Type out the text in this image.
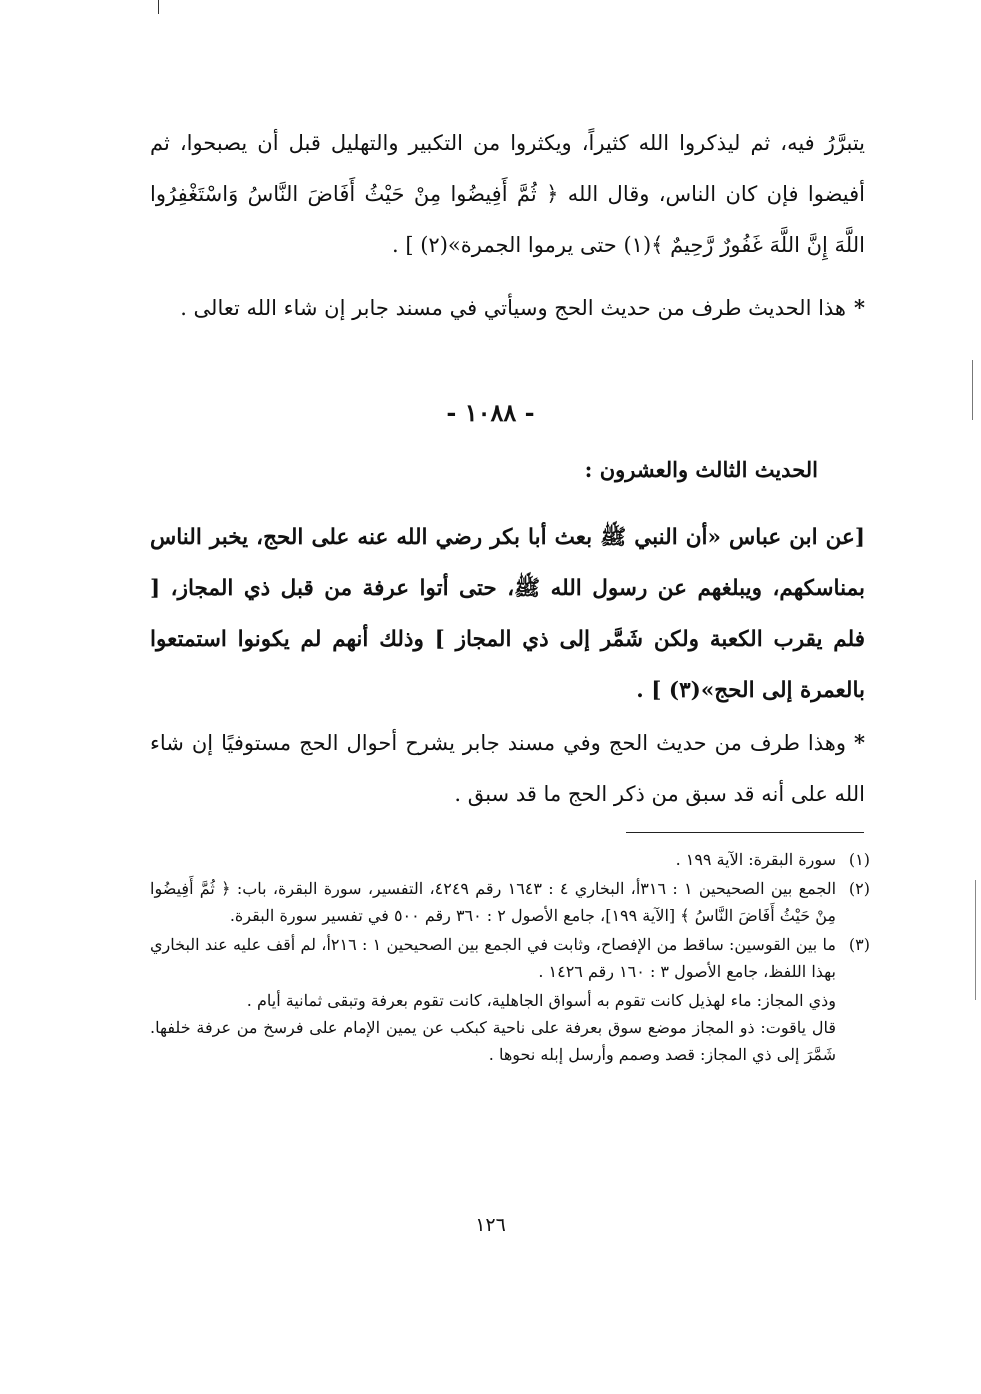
يتبرَّرُ فيه، ثم ليذكروا الله كثيراً، ويكثروا من التكبير والتهليل قبل أن يصبحوا، ثم أفيضوا فإن كان الناس، وقال الله ﴿ ثُمَّ أَفِيضُوا مِنْ حَيْثُ أَفَاضَ النَّاسُ وَاسْتَغْفِرُوا اللَّهَ إِنَّ اللَّهَ غَفُورٌ رَّحِيمٌ ﴾(١) حتى يرموا الجمرة»(٢) ] .
*هذا الحديث طرف من حديث الحج وسيأتي في مسند جابر إن شاء الله تعالى .
- ١٠٨٨ -
الحديث الثالث والعشرون :
[عن ابن عباس «أن النبي ﷺ بعث أبا بكر رضي الله عنه على الحج، يخبر الناس بمناسكهم، ويبلغهم عن رسول الله ﷺ، حتى أتوا عرفة من قبل ذي المجاز، [ فلم يقرب الكعبة ولكن شَمَّر إلى ذي المجاز ] وذلك أنهم لم يكونوا استمتعوا بالعمرة إلى الحج»(٣) ] .
*وهذا طرف من حديث الحج وفي مسند جابر يشرح أحوال الحج مستوفيًا إن شاء الله على أنه قد سبق من ذكر الحج ما قد سبق .
(١)
سورة البقرة: الآية ١٩٩ .
(٢)
الجمع بين الصحيحين ١ : ٣١٦أ، البخاري ٤ : ١٦٤٣ رقم ٤٢٤٩، التفسير، سورة البقرة، باب: ﴿ ثُمَّ أَفِيضُوا مِنْ حَيْثُ أَفَاضَ النَّاسُ ﴾ [الآية ١٩٩]، جامع الأصول ٢ : ٣٦٠ رقم ٥٠٠ في تفسير سورة البقرة.
(٣)
ما بين القوسين: ساقط من الإفصاح، وثابت في الجمع بين الصحيحين ١ : ٢١٦أ، لم أقف عليه عند البخاري بهذا اللفظ، جامع الأصول ٣ : ١٦٠ رقم ١٤٢٦ .
وذي المجاز: ماء لهذيل كانت تقوم به أسواق الجاهلية، كانت تقوم بعرفة وتبقى ثمانية أيام .
قال ياقوت: ذو المجاز موضع سوق بعرفة على ناحية كبكب عن يمين الإمام على فرسخ من عرفة خلفها. شَمَّرَ إلى ذي المجاز: قصد وصمم وأرسل إبله نحوها .
١٢٦
